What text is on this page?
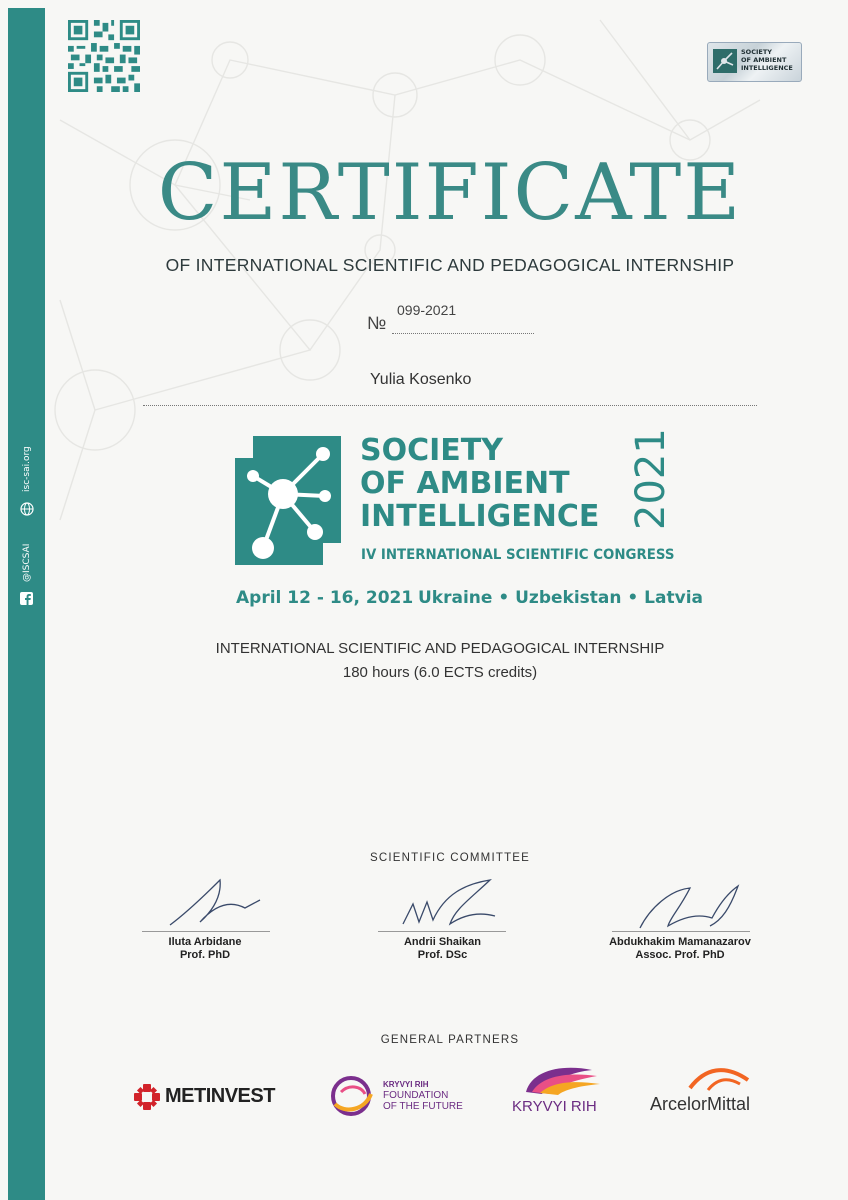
isc-sai.org
@ISCSAI
SOCIETY
OF AMBIENT
INTELLIGENCE
CERTIFICATE
OF INTERNATIONAL SCIENTIFIC AND PEDAGOGICAL INTERNSHIP
№
099-2021
Yulia Kosenko
SOCIETY
OF AMBIENT
INTELLIGENCE 2021
IV INTERNATIONAL SCIENTIFIC CONGRESS
April 12 - 16, 2021 Ukraine • Uzbekistan • Latvia
INTERNATIONAL SCIENTIFIC AND PEDAGOGICAL INTERNSHIP
180 hours (6.0 ECTS credits)
SCIENTIFIC COMMITTEE
Iluta Arbidane
Prof. PhD
Andrii Shaikan
Prof. DSc
Abdukhakim Mamanazarov
Assoc. Prof. PhD
GENERAL PARTNERS
METINVEST
KRYVYI RIH
FOUNDATION
OF THE FUTURE	KRYVYI RIH	ArcelorMittal
